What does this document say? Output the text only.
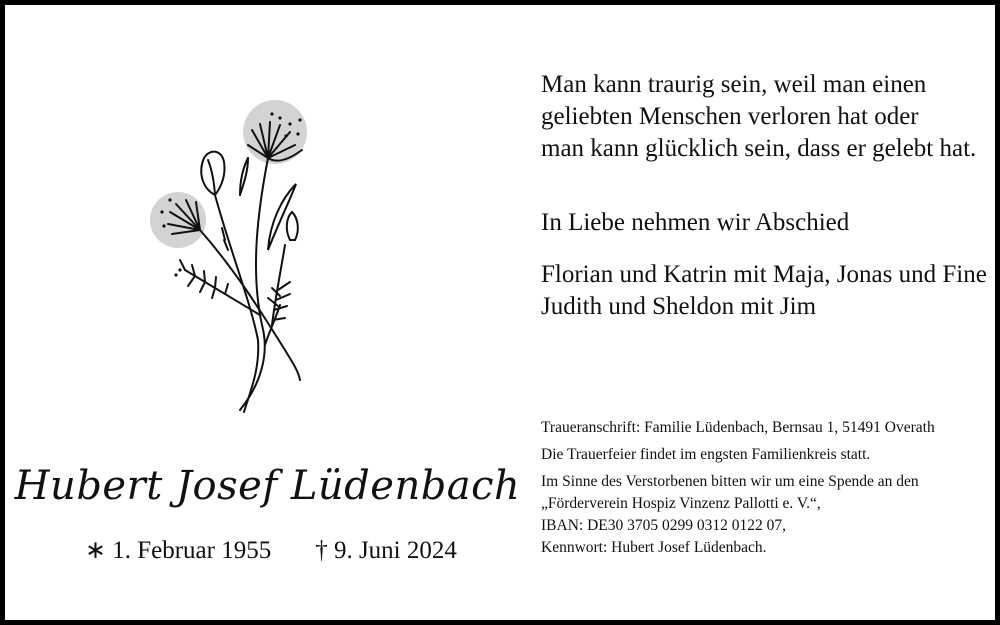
Hubert Josef Lüdenbach
∗ 1. Februar 1955 † 9. Juni 2024
Man kann traurig sein, weil man einen
geliebten Menschen verloren hat oder
man kann glücklich sein, dass er gelebt hat.
In Liebe nehmen wir Abschied
Florian und Katrin mit Maja, Jonas und Fine
Judith und Sheldon mit Jim
Traueranschrift: Familie Lüdenbach, Bernsau 1, 51491 Overath
Die Trauerfeier findet im engsten Familienkreis statt.
Im Sinne des Verstorbenen bitten wir um eine Spende an den
„Förderverein Hospiz Vinzenz Pallotti e. V.“,
IBAN: DE30 3705 0299 0312 0122 07,
Kennwort: Hubert Josef Lüdenbach.
